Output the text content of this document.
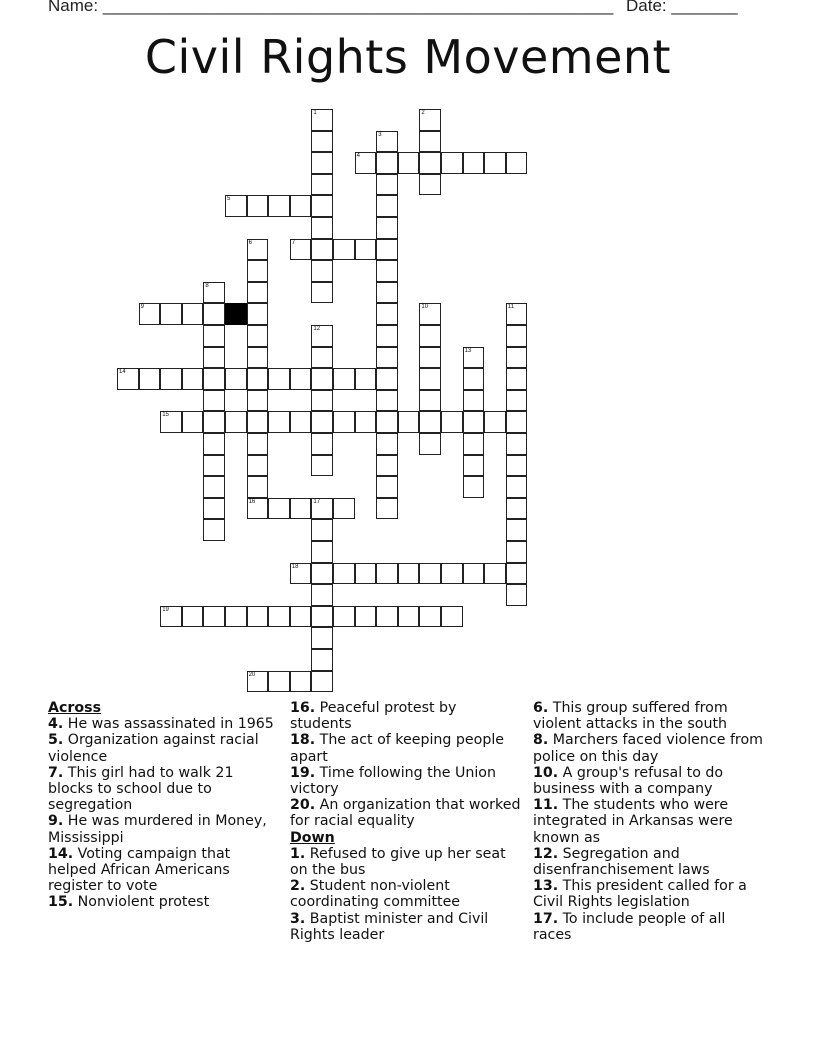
Name: ______________________________________________________ Date: _______
Civil Rights Movement
1	2
3
4
5
6	7
8
9	10	11
12
13
14
15
16	17
18
19
20
Across
4. He was assassinated in 1965
5. Organization against racial violence
7. This girl had to walk 21 blocks to school due to segregation
9. He was murdered in Money, Mississippi
14. Voting campaign that helped African Americans register to vote
15. Nonviolent protest
16. Peaceful protest by students
18. The act of keeping people apart
19. Time following the Union victory
20. An organization that worked for racial equality
Down
1. Refused to give up her seat on the bus
2. Student non-violent coordinating committee
3. Baptist minister and Civil Rights leader
6. This group suffered from violent attacks in the south
8. Marchers faced violence from police on this day
10. A group's refusal to do business with a company
11. The students who were integrated in Arkansas were known as
12. Segregation and disenfranchisement laws
13. This president called for a Civil Rights legislation
17. To include people of all races
